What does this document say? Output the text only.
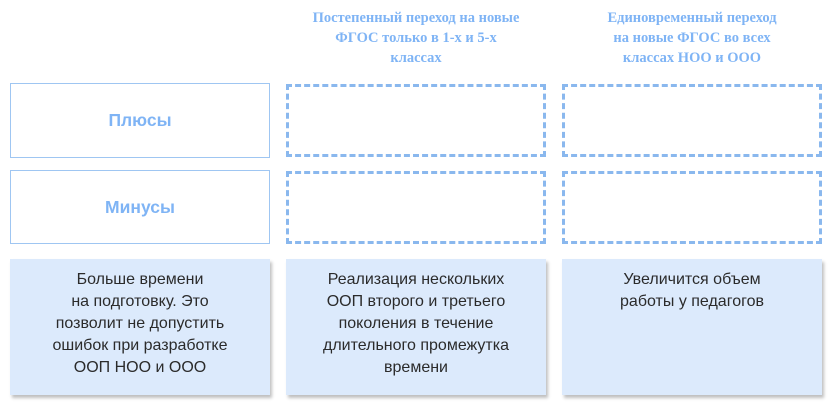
Постепенный переход на новые
ФГОС только в 1-х и 5-х
классах
Единовременный переход
на новые ФГОС во всех
классах НОО и ООО
Плюсы
Минусы
Больше времени
на подготовку. Это
позволит не допустить
ошибок при разработке
ООП НОО и ООО
Реализация нескольких
ООП второго и третьего
поколения в течение
длительного промежутка
времени
Увеличится объем
работы у педагогов
